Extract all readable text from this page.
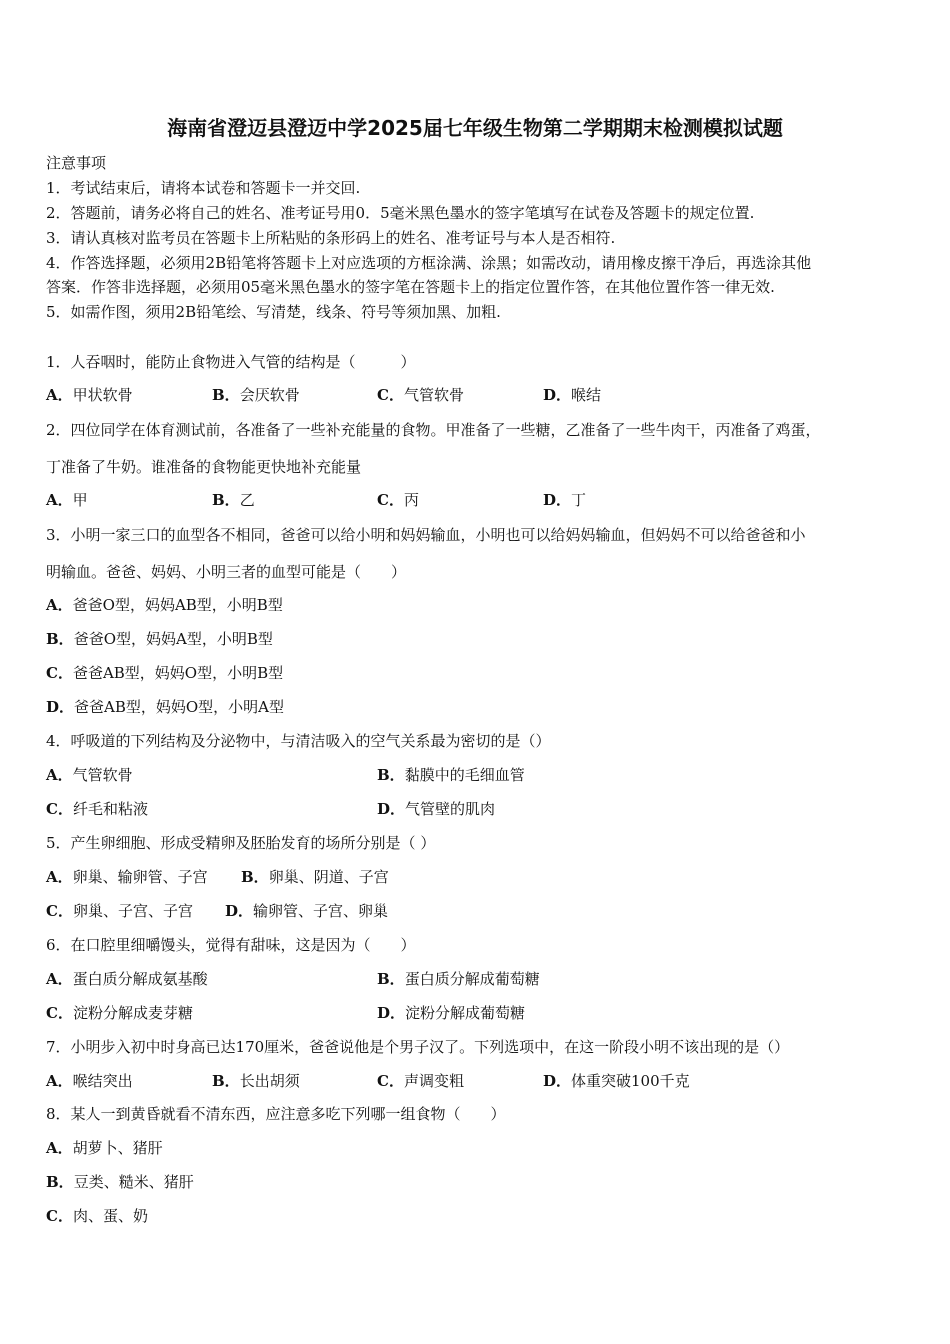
海南省澄迈县澄迈中学2025届七年级生物第二学期期末检测模拟试题
注意事项
1．考试结束后，请将本试卷和答题卡一并交回.
2．答题前，请务必将自己的姓名、准考证号用0．5毫米黑色墨水的签字笔填写在试卷及答题卡的规定位置.
3．请认真核对监考员在答题卡上所粘贴的条形码上的姓名、准考证号与本人是否相符.
4．作答选择题，必须用2B铅笔将答题卡上对应选项的方框涂满、涂黑；如需改动，请用橡皮擦干净后，再选涂其他
答案．作答非选择题，必须用05毫米黑色墨水的签字笔在答题卡上的指定位置作答，在其他位置作答一律无效.
5．如需作图，须用2B铅笔绘、写清楚，线条、符号等须加黑、加粗.
1．人吞咽时，能防止食物进入气管的结构是（　　　）
A．甲状软骨	B．会厌软骨	C．气管软骨	D．喉结
2．四位同学在体育测试前，各准备了一些补充能量的食物。甲准备了一些糖，乙准备了一些牛肉干，丙准备了鸡蛋，
丁准备了牛奶。谁准备的食物能更快地补充能量
A．甲	B．乙	C．丙	D．丁
3．小明一家三口的血型各不相同，爸爸可以给小明和妈妈输血，小明也可以给妈妈输血，但妈妈不可以给爸爸和小
明输血。爸爸、妈妈、小明三者的血型可能是（　　）
A．爸爸O型，妈妈AB型，小明B型
B．爸爸O型，妈妈A型，小明B型
C．爸爸AB型，妈妈O型，小明B型
D．爸爸AB型，妈妈O型，小明A型
4．呼吸道的下列结构及分泌物中，与清洁吸入的空气关系最为密切的是（）
A．气管软骨	B．黏膜中的毛细血管
C．纤毛和粘液	D．气管壁的肌肉
5．产生卵细胞、形成受精卵及胚胎发育的场所分别是（ ）
A．卵巢、输卵管、子宫 B．卵巢、阴道、子宫
C．卵巢、子宫、子宫 D．输卵管、子宫、卵巢
6．在口腔里细嚼馒头，觉得有甜味，这是因为（　　）
A．蛋白质分解成氨基酸	B．蛋白质分解成葡萄糖
C．淀粉分解成麦芽糖	D．淀粉分解成葡萄糖
7．小明步入初中时身高已达170厘米，爸爸说他是个男子汉了。下列选项中，在这一阶段小明不该出现的是（）
A．喉结突出	B．长出胡须	C．声调变粗	D．体重突破100千克
8．某人一到黄昏就看不清东西，应注意多吃下列哪一组食物（　　）
A．胡萝卜、猪肝
B．豆类、糙米、猪肝
C．肉、蛋、奶
